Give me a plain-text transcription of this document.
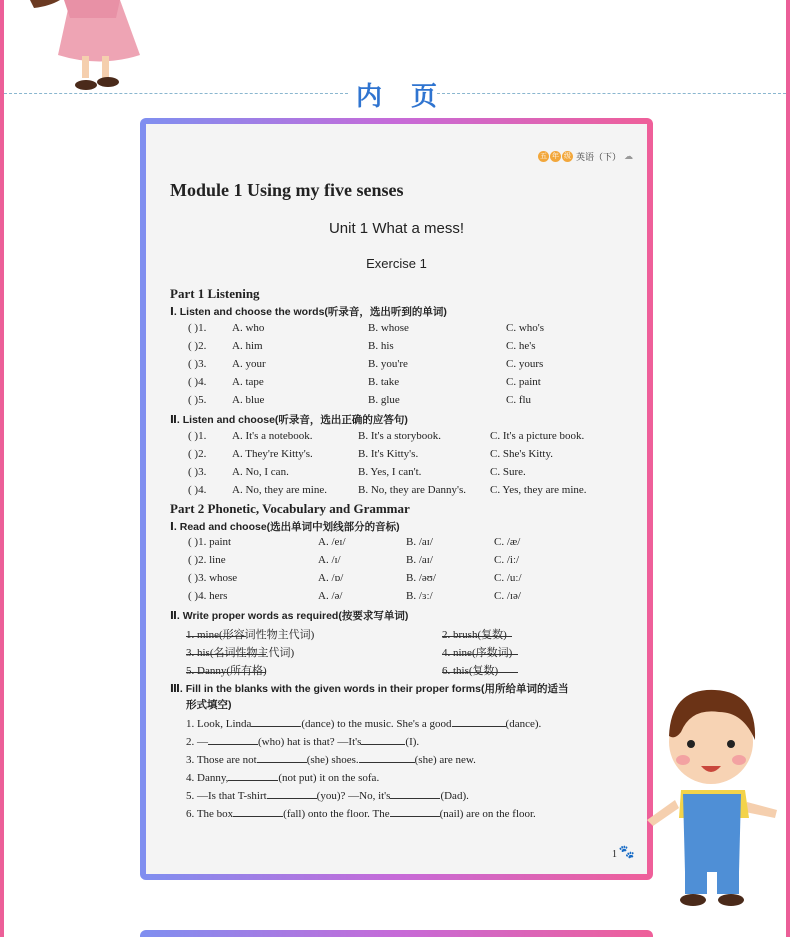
内 页
五 年 级 英语（下） ☁
Module 1 Using my five senses
Unit 1 What a mess!
Exercise 1
Part 1 Listening
Ⅰ. Listen and choose the words(听录音，选出听到的单词)
( )1. A. who	B. whose	C. who's
( )2. A. him	B. his	C. he's
( )3. A. your	B. you're	C. yours
( )4. A. tape	B. take	C. paint
( )5. A. blue	B. glue	C. flu
Ⅱ. Listen and choose(听录音，选出正确的应答句)
( )1. A. It's a notebook.	B. It's a storybook.	C. It's a picture book.
( )2. A. They're Kitty's.	B. It's Kitty's.	C. She's Kitty.
( )3. A. No, I can.	B. Yes, I can't.	C. Sure.
( )4. A. No, they are mine.	B. No, they are Danny's. C. Yes, they are mine.
Part 2 Phonetic, Vocabulary and Grammar
Ⅰ. Read and choose(选出单词中划线部分的音标)
( )1. paint	A. /eɪ/	B. /aɪ/	C. /æ/
( )2. line	A. /ɪ/	B. /aɪ/	C. /iː/
( )3. whose	A. /ɒ/	B. /əʊ/	C. /uː/
( )4. hers	A. /ə/	B. /ɜː/	C. /ɪə/
Ⅱ. Write proper words as required(按要求写单词)
1. mine(形容词性物主代词)	2. brush(复数)
3. his(名词性物主代词)	4. nine(序数词)
5. Danny(所有格)	6. this(复数)
Ⅲ. Fill in the blanks with the given words in their proper forms(用所给单词的适当
形式填空)
1. Look, Linda	(dance) to the music. She's a good	(dance).
2. —	(who) hat is that? —It's	(I).
3. Those are not	(she) shoes.	(she) are new.
4. Danny,	(not put) it on the sofa.
5. —Is that T-shirt	(you)? —No, it's	(Dad).
6. The box	(fall) onto the floor. The	(nail) are on the floor.
1 🐾
